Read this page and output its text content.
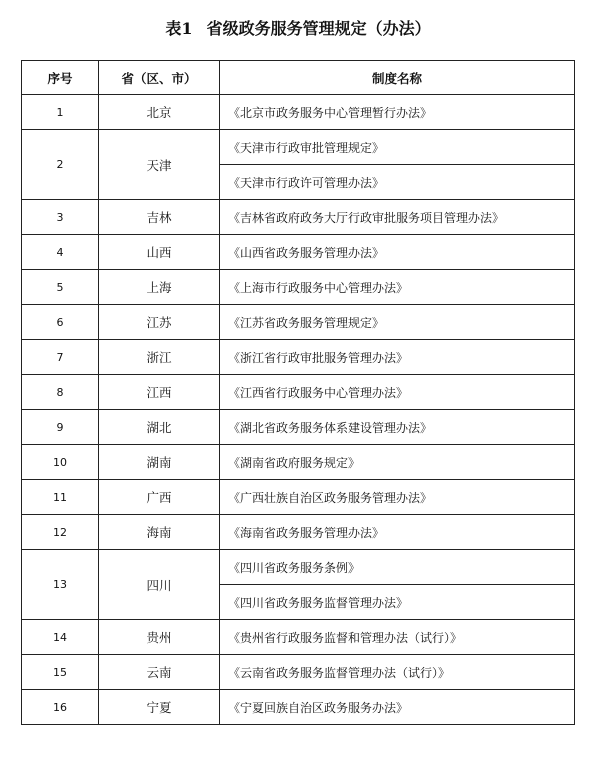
表1 省级政务服务管理规定（办法）
序号	省（区、市）	制度名称
1	北京	《北京市政务服务中心管理暂行办法》
2	天津	《天津市行政审批管理规定》
		《天津市行政许可管理办法》
3	吉林	《吉林省政府政务大厅行政审批服务项目管理办法》
4	山西	《山西省政务服务管理办法》
5	上海	《上海市行政服务中心管理办法》
6	江苏	《江苏省政务服务管理规定》
7	浙江	《浙江省行政审批服务管理办法》
8	江西	《江西省行政服务中心管理办法》
9	湖北	《湖北省政务服务体系建设管理办法》
10	湖南	《湖南省政府服务规定》
11	广西	《广西壮族自治区政务服务管理办法》
12	海南	《海南省政务服务管理办法》
13	四川	《四川省政务服务条例》
		《四川省政务服务监督管理办法》
14	贵州	《贵州省行政服务监督和管理办法（试行）》
15	云南	《云南省政务服务监督管理办法（试行）》
16	宁夏	《宁夏回族自治区政务服务办法》
